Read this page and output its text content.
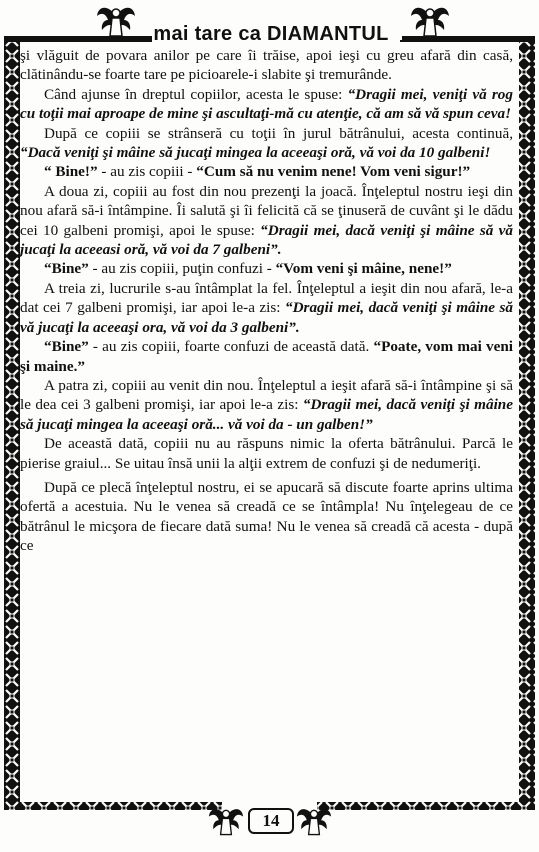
mai tare ca DIAMANTUL

şi vlăguit de povara anilor pe care îi trăise, apoi ieşi cu greu afară din casă, clătinându-se foarte tare pe picioarele-i slabite şi tremurânde.

Când ajunse în dreptul copiilor, acesta le spuse: “Dragii mei, veniţi vă rog cu toţii mai aproape de mine şi ascultaţi-mă cu atenţie, că am să vă spun ceva!

După ce copiii se strânseră cu toţii în jurul bătrânului, acesta continuă, “Dacă veniţi şi mâine să jucaţi mingea la aceeaşi oră, vă voi da 10 galbeni!

“ Bine!” - au zis copiii - “Cum să nu venim nene! Vom veni sigur!”

A doua zi, copiii au fost din nou prezenţi la joacă. Înţeleptul nostru ieşi din nou afară să-i întâmpine. Îi salută şi îi felicită că se ţinuseră de cuvânt şi le dădu cei 10 galbeni promişi, apoi le spuse: “Dragii mei, dacă veniţi şi mâine să vă jucaţi la aceeasi oră, vă voi da 7 galbeni”.

“Bine” - au zis copiii, puţin confuzi - “Vom veni şi mâine, nene!”

A treia zi, lucrurile s-au întâmplat la fel. Înţeleptul a ieşit din nou afară, le-a dat cei 7 galbeni promişi, iar apoi le-a zis: “Dragii mei, dacă veniţi şi mâine să vă jucaţi la aceeaşi ora, vă voi da 3 galbeni”.

“Bine” - au zis copiii, foarte confuzi de această dată. “Poate, vom mai veni şi maine.”

A patra zi, copiii au venit din nou. Înţeleptul a ieşit afară să-i întâmpine şi să le dea cei 3 galbeni promişi, iar apoi le-a zis: “Dragii mei, dacă veniţi şi mâine să jucaţi mingea la aceeaşi oră... vă voi da - un galben!”

De această dată, copiii nu au răspuns nimic la oferta bătrânului. Parcă le pierise graiul... Se uitau însă unii la alţii extrem de confuzi şi de nedumeriţi.

După ce plecă înţeleptul nostru, ei se apucară să discute foarte aprins ultima ofertă a acestuia. Nu le venea să creadă ce se întâmpla! Nu înţelegeau de ce bătrânul le micşora de fiecare dată suma! Nu le venea să creadă că acesta - după ce

14
